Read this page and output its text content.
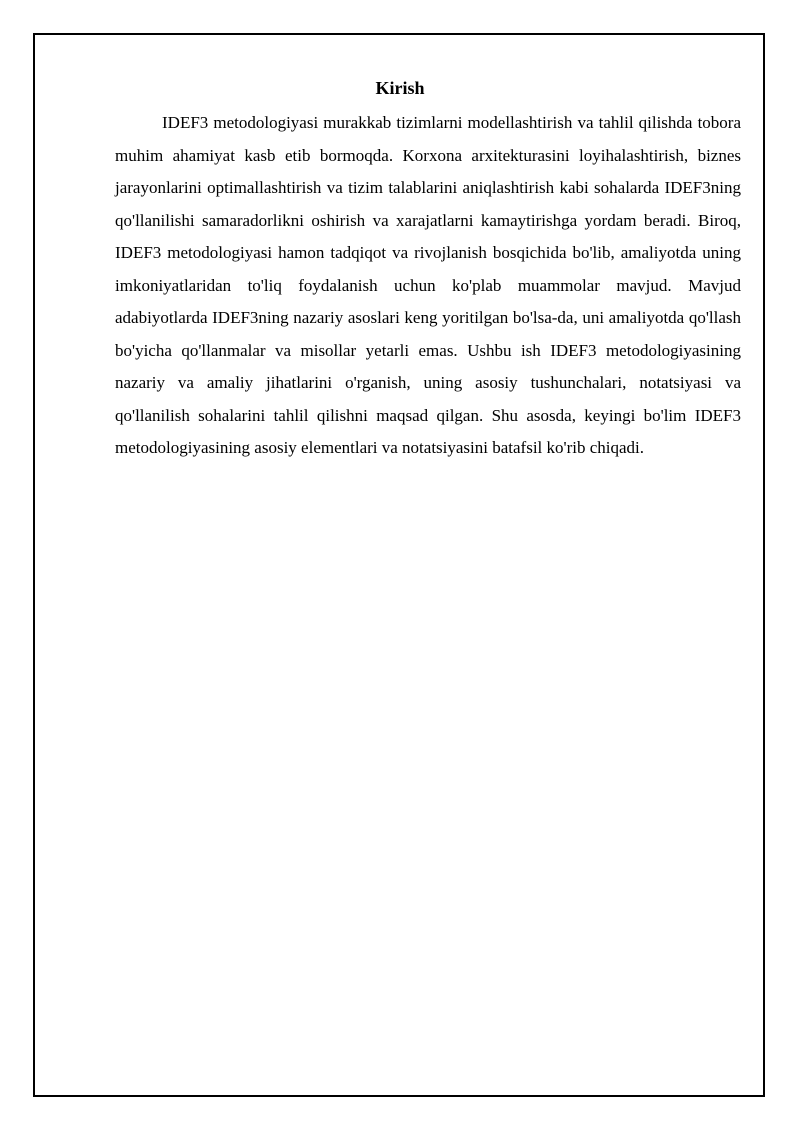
Kirish

IDEF3 metodologiyasi murakkab tizimlarni modellashtirish va tahlil qilishda tobora muhim ahamiyat kasb etib bormoqda. Korxona arxitekturasini loyihalashtirish, biznes jarayonlarini optimallashtirish va tizim talablarini aniqlashtirish kabi sohalarda IDEF3ning qo'llanilishi samaradorlikni oshirish va xarajatlarni kamaytirishga yordam beradi. Biroq, IDEF3 metodologiyasi hamon tadqiqot va rivojlanish bosqichida bo'lib, amaliyotda uning imkoniyatlaridan to'liq foydalanish uchun ko'plab muammolar mavjud. Mavjud adabiyotlarda IDEF3ning nazariy asoslari keng yoritilgan bo'lsa-da, uni amaliyotda qo'llash bo'yicha qo'llanmalar va misollar yetarli emas. Ushbu ish IDEF3 metodologiyasining nazariy va amaliy jihatlarini o'rganish, uning asosiy tushunchalari, notatsiyasi va qo'llanilish sohalarini tahlil qilishni maqsad qilgan. Shu asosda, keyingi bo'lim IDEF3 metodologiyasining asosiy elementlari va notatsiyasini batafsil ko'rib chiqadi.
